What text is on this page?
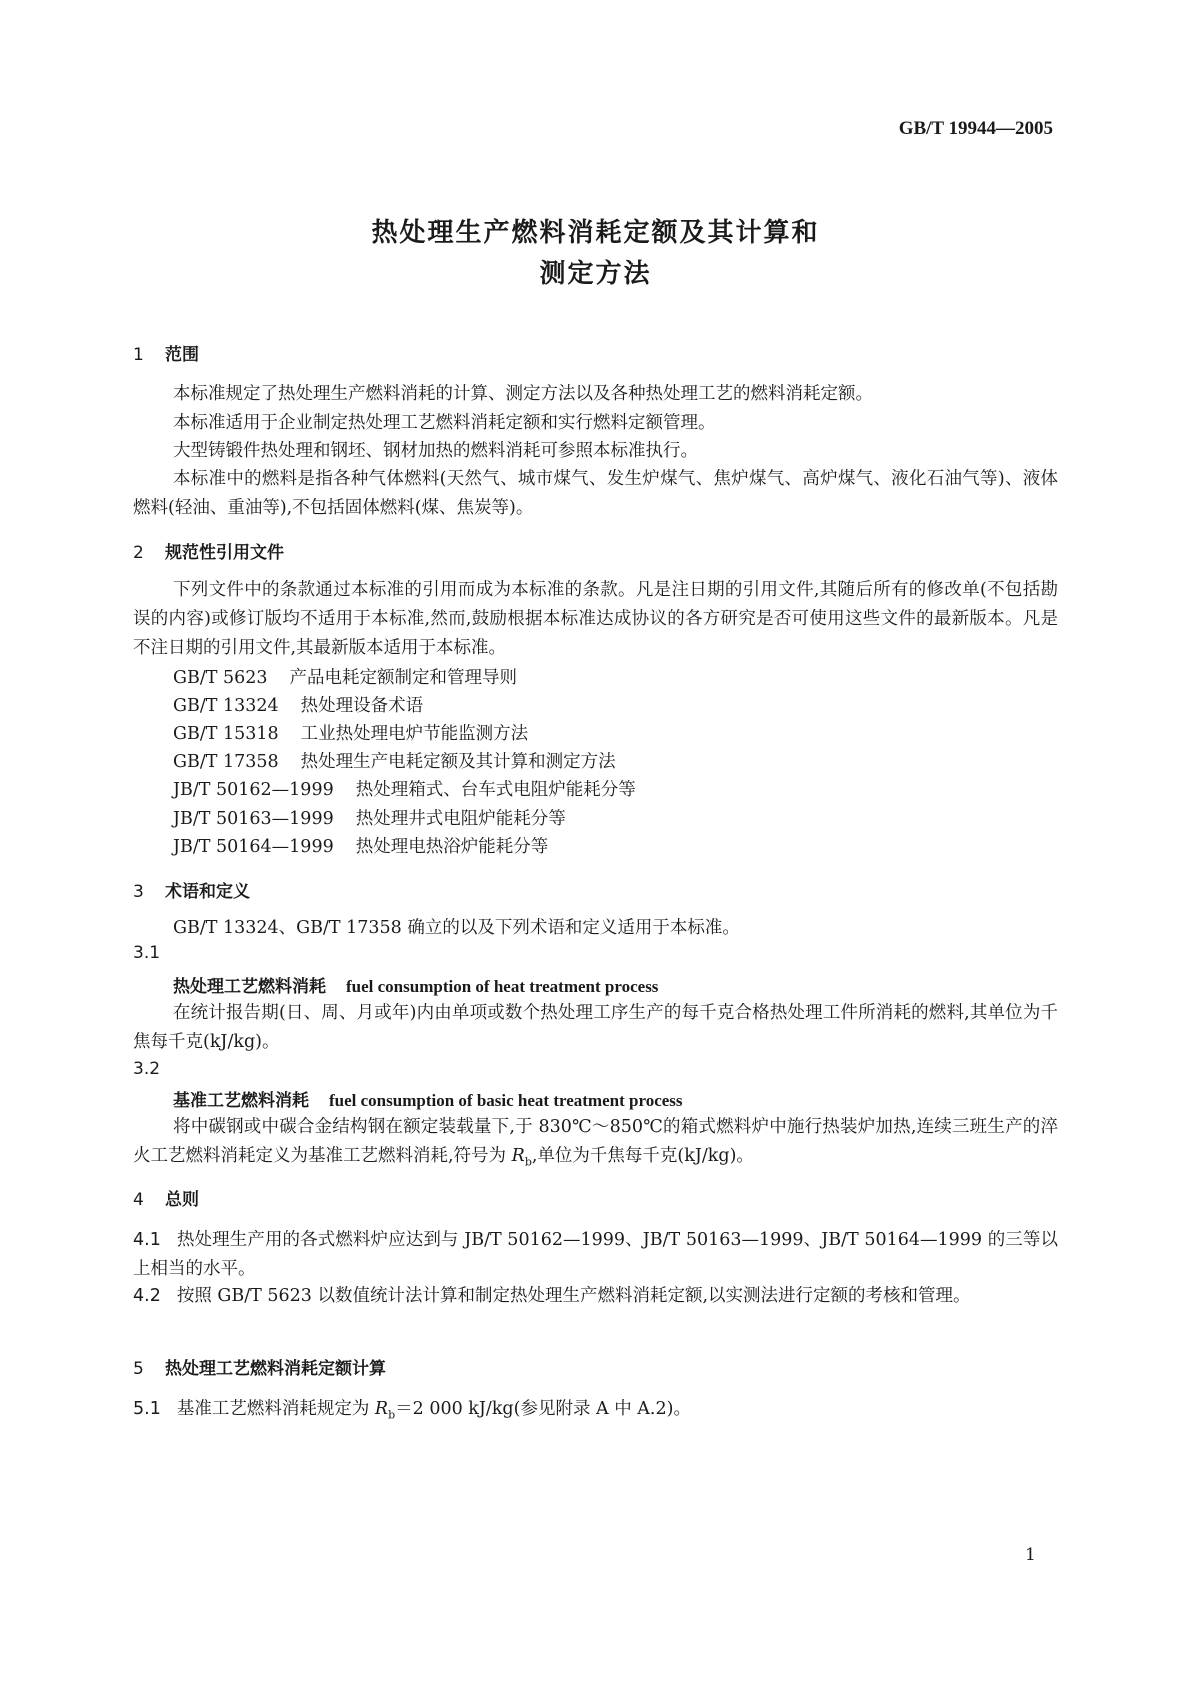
GB/T 19944—2005
热处理生产燃料消耗定额及其计算和
测定方法
1 范围
本标准规定了热处理生产燃料消耗的计算、测定方法以及各种热处理工艺的燃料消耗定额。
本标准适用于企业制定热处理工艺燃料消耗定额和实行燃料定额管理。
大型铸锻件热处理和钢坯、钢材加热的燃料消耗可参照本标准执行。
本标准中的燃料是指各种气体燃料(天然气、城市煤气、发生炉煤气、焦炉煤气、高炉煤气、液化石油气等)、液体燃料(轻油、重油等),不包括固体燃料(煤、焦炭等)。
2 规范性引用文件
下列文件中的条款通过本标准的引用而成为本标准的条款。凡是注日期的引用文件,其随后所有的修改单(不包括勘误的内容)或修订版均不适用于本标准,然而,鼓励根据本标准达成协议的各方研究是否可使用这些文件的最新版本。凡是不注日期的引用文件,其最新版本适用于本标准。
GB/T 5623 产品电耗定额制定和管理导则
GB/T 13324 热处理设备术语
GB/T 15318 工业热处理电炉节能监测方法
GB/T 17358 热处理生产电耗定额及其计算和测定方法
JB/T 50162—1999 热处理箱式、台车式电阻炉能耗分等
JB/T 50163—1999 热处理井式电阻炉能耗分等
JB/T 50164—1999 热处理电热浴炉能耗分等
3 术语和定义
GB/T 13324、GB/T 17358 确立的以及下列术语和定义适用于本标准。
3.1
热处理工艺燃料消耗 fuel consumption of heat treatment process
在统计报告期(日、周、月或年)内由单项或数个热处理工序生产的每千克合格热处理工件所消耗的燃料,其单位为千焦每千克(kJ/kg)。
3.2
基准工艺燃料消耗 fuel consumption of basic heat treatment process
将中碳钢或中碳合金结构钢在额定装载量下,于 830℃～850℃的箱式燃料炉中施行热装炉加热,连续三班生产的淬火工艺燃料消耗定义为基准工艺燃料消耗,符号为 $R_b$,单位为千焦每千克(kJ/kg)。
4 总则
4.1 热处理生产用的各式燃料炉应达到与 JB/T 50162—1999、JB/T 50163—1999、JB/T 50164—1999 的三等以上相当的水平。
4.2 按照 GB/T 5623 以数值统计法计算和制定热处理生产燃料消耗定额,以实测法进行定额的考核和管理。
5 热处理工艺燃料消耗定额计算
5.1 基准工艺燃料消耗规定为 $R_b=2$ 000 kJ/kg(参见附录 A 中 A.2)。
1
